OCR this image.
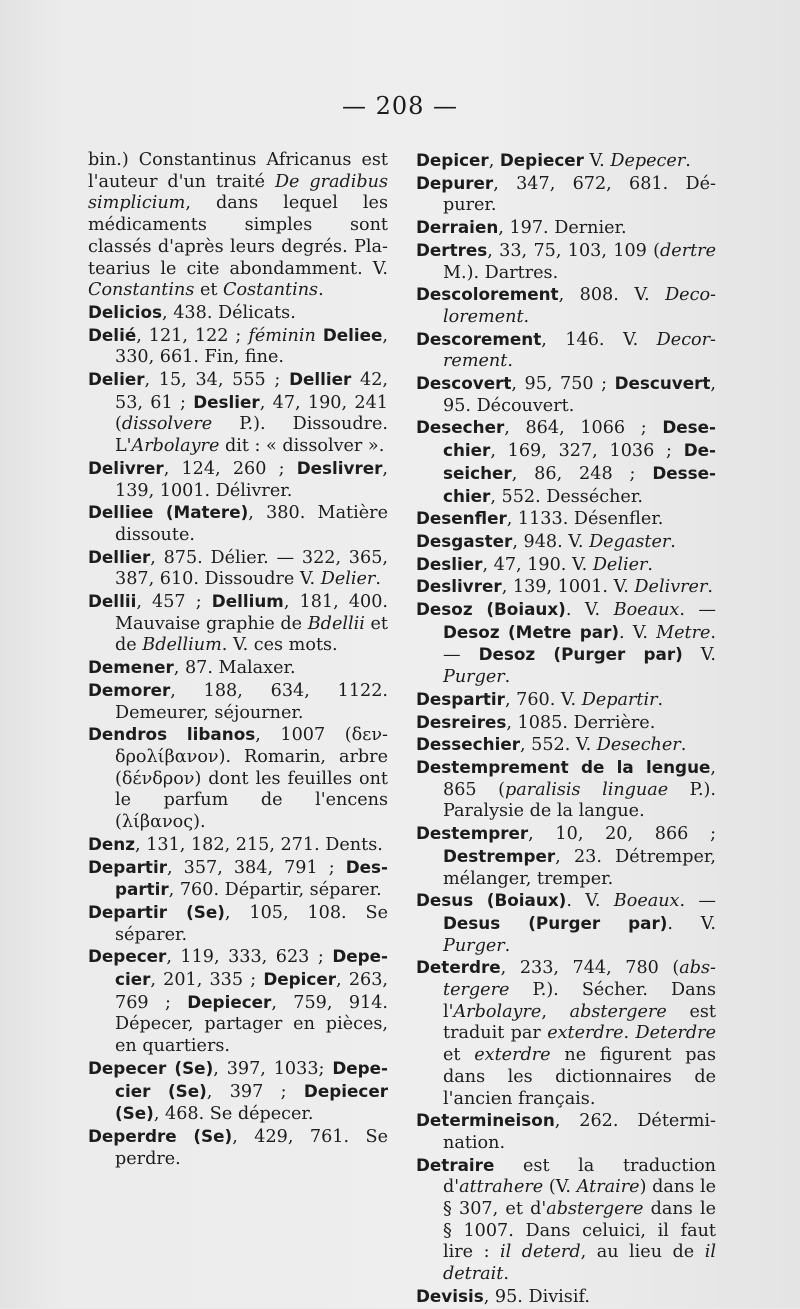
— 208 —
bin.) Constantinus Africanus est l'auteur d'un traité De gradibus simplicium, dans lequel les médicaments simples sont classés d'après leurs degrés. Platearius le cite abondamment. V. Constantins et Costantins.
Delicios, 438. Délicats.
Delié, 121, 122 ; féminin Deliee, 330, 661. Fin, fine.
Delier, 15, 34, 555 ; Dellier 42, 53, 61 ; Deslier, 47, 190, 241 (dissolvere P.). Dissoudre. L'Arbolayre dit : « dissolver ».
Delivrer, 124, 260 ; Deslivrer, 139, 1001. Délivrer.
Delliee (Matere), 380. Matière dissoute.
Dellier, 875. Délier. — 322, 365, 387, 610. Dissoudre V. Delier.
Dellii, 457 ; Dellium, 181, 400. Mauvaise graphie de Bdellii et de Bdellium. V. ces mots.
Demener, 87. Malaxer.
Demorer, 188, 634, 1122. Demeurer, séjourner.
Dendros libanos, 1007 (δενδρολίβανον). Romarin, arbre (δένδρον) dont les feuilles ont le parfum de l'encens (λίβανος).
Denz, 131, 182, 215, 271. Dents.
Departir, 357, 384, 791 ; Despartir, 760. Départir, séparer.
Departir (Se), 105, 108. Se séparer.
Depecer, 119, 333, 623 ; Depecier, 201, 335 ; Depicer, 263, 769 ; Depiecer, 759, 914. Dépecer, partager en pièces, en quartiers.
Depecer (Se), 397, 1033; Depecier (Se), 397 ; Depiecer (Se), 468. Se dépecer.
Deperdre (Se), 429, 761. Se perdre.
Depicer, Depiecer V. Depecer.
Depurer, 347, 672, 681. Dépurer.
Derraien, 197. Dernier.
Dertres, 33, 75, 103, 109 (dertre M.). Dartres.
Descolorement, 808. V. Decolorement.
Descorement, 146. V. Decorrement.
Descovert, 95, 750 ; Descuvert, 95. Découvert.
Desecher, 864, 1066 ; Desechier, 169, 327, 1036 ; Deseicher, 86, 248 ; Dessechier, 552. Dessécher.
Desenfler, 1133. Désenfler.
Desgaster, 948. V. Degaster.
Deslier, 47, 190. V. Delier.
Deslivrer, 139, 1001. V. Delivrer.
Desoz (Boiaux). V. Boeaux. — Desoz (Metre par). V. Metre. — Desoz (Purger par) V. Purger.
Despartir, 760. V. Departir.
Desreires, 1085. Derrière.
Dessechier, 552. V. Desecher.
Destemprement de la lengue, 865 (paralisis linguae P.). Paralysie de la langue.
Destemprer, 10, 20, 866 ; Destremper, 23. Détremper, mélanger, tremper.
Desus (Boiaux). V. Boeaux. — Desus (Purger par). V. Purger.
Deterdre, 233, 744, 780 (abstergere P.). Sécher. Dans l'Arbolayre, abstergere est traduit par exterdre. Deterdre et exterdre ne figurent pas dans les dictionnaires de l'ancien français.
Determineison, 262. Détermination.
Detraire est la traduction d'attrahere (V. Atraire) dans le § 307, et d'abstergere dans le § 1007. Dans celuici, il faut lire : il deterd, au lieu de il detrait.
Devisis, 95. Divisif.
